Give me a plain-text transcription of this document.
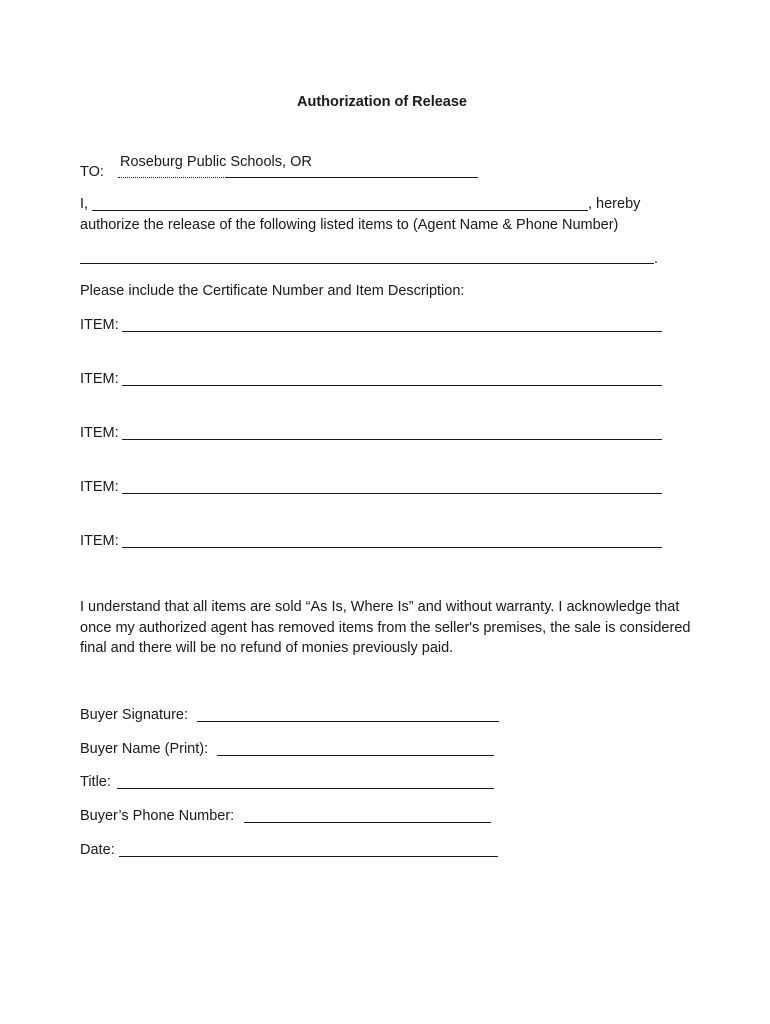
Authorization of Release
TO:
Roseburg Public Schools, OR
I,	, hereby
authorize the release of the following listed items to (Agent Name & Phone Number)
.
Please include the Certificate Number and Item Description:
ITEM:
ITEM:
ITEM:
ITEM:
ITEM:
I understand that all items are sold “As Is, Where Is” and without warranty. I acknowledge that once my authorized agent has removed items from the seller's premises, the sale is considered final and there will be no refund of monies previously paid.
Buyer Signature:
Buyer Name (Print):
Title:
Buyer’s Phone Number:
Date:
